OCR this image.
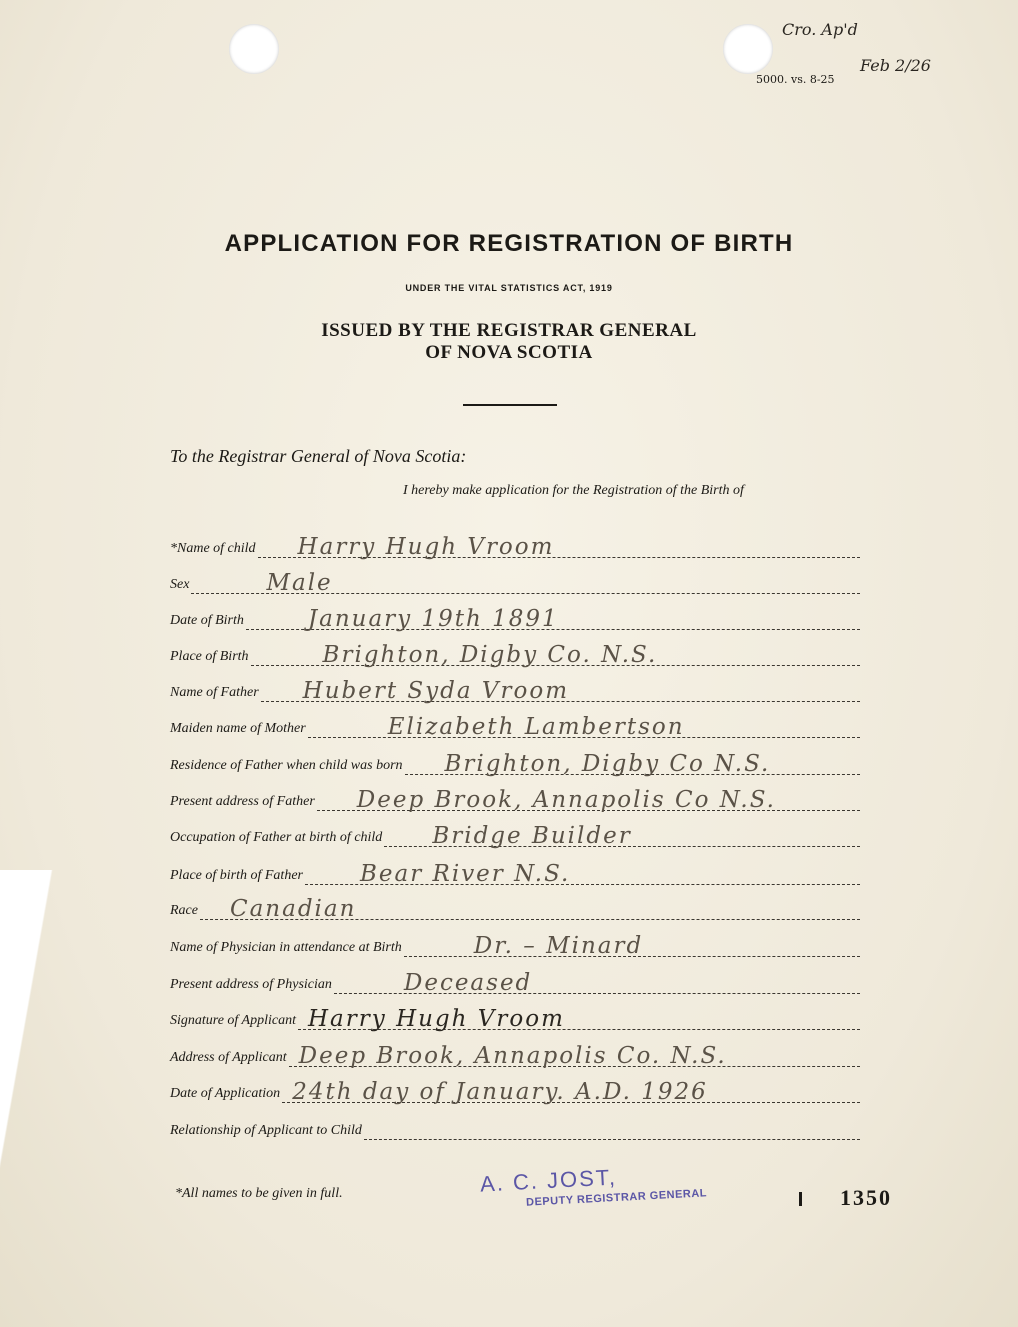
Cro. Ap'd
Feb 2/26
5000. vs. 8-25
APPLICATION FOR REGISTRATION OF BIRTH
UNDER THE VITAL STATISTICS ACT, 1919
ISSUED BY THE REGISTRAR GENERAL
OF NOVA SCOTIA
To the Registrar General of Nova Scotia:
I hereby make application for the Registration of the Birth of
*Name of child Harry Hugh Vroom
Sex	Male
Date of Birth	January 19th 1891
Place of Birth	Brighton, Digby Co. N.S.
Name of Father Hubert Syda Vroom
Maiden name of Mother	Elizabeth Lambertson
Residence of Father when child was born Brighton, Digby Co N.S.
Present address of Father Deep Brook, Annapolis Co N.S.
Occupation of Father at birth of child Bridge Builder
Place of birth of Father Bear River N.S.
Race Canadian
Name of Physician in attendance at Birth	Dr. – Minard
Present address of Physician	Deceased
Signature of Applicant Harry Hugh Vroom
Address of Applicant Deep Brook, Annapolis Co. N.S.
Date of Application 24th day of January. A.D. 1926
Relationship of Applicant to Child
*All names to be given in full.	A. C. JOST,
DEPUTY REGISTRAR GENERAL	1350
